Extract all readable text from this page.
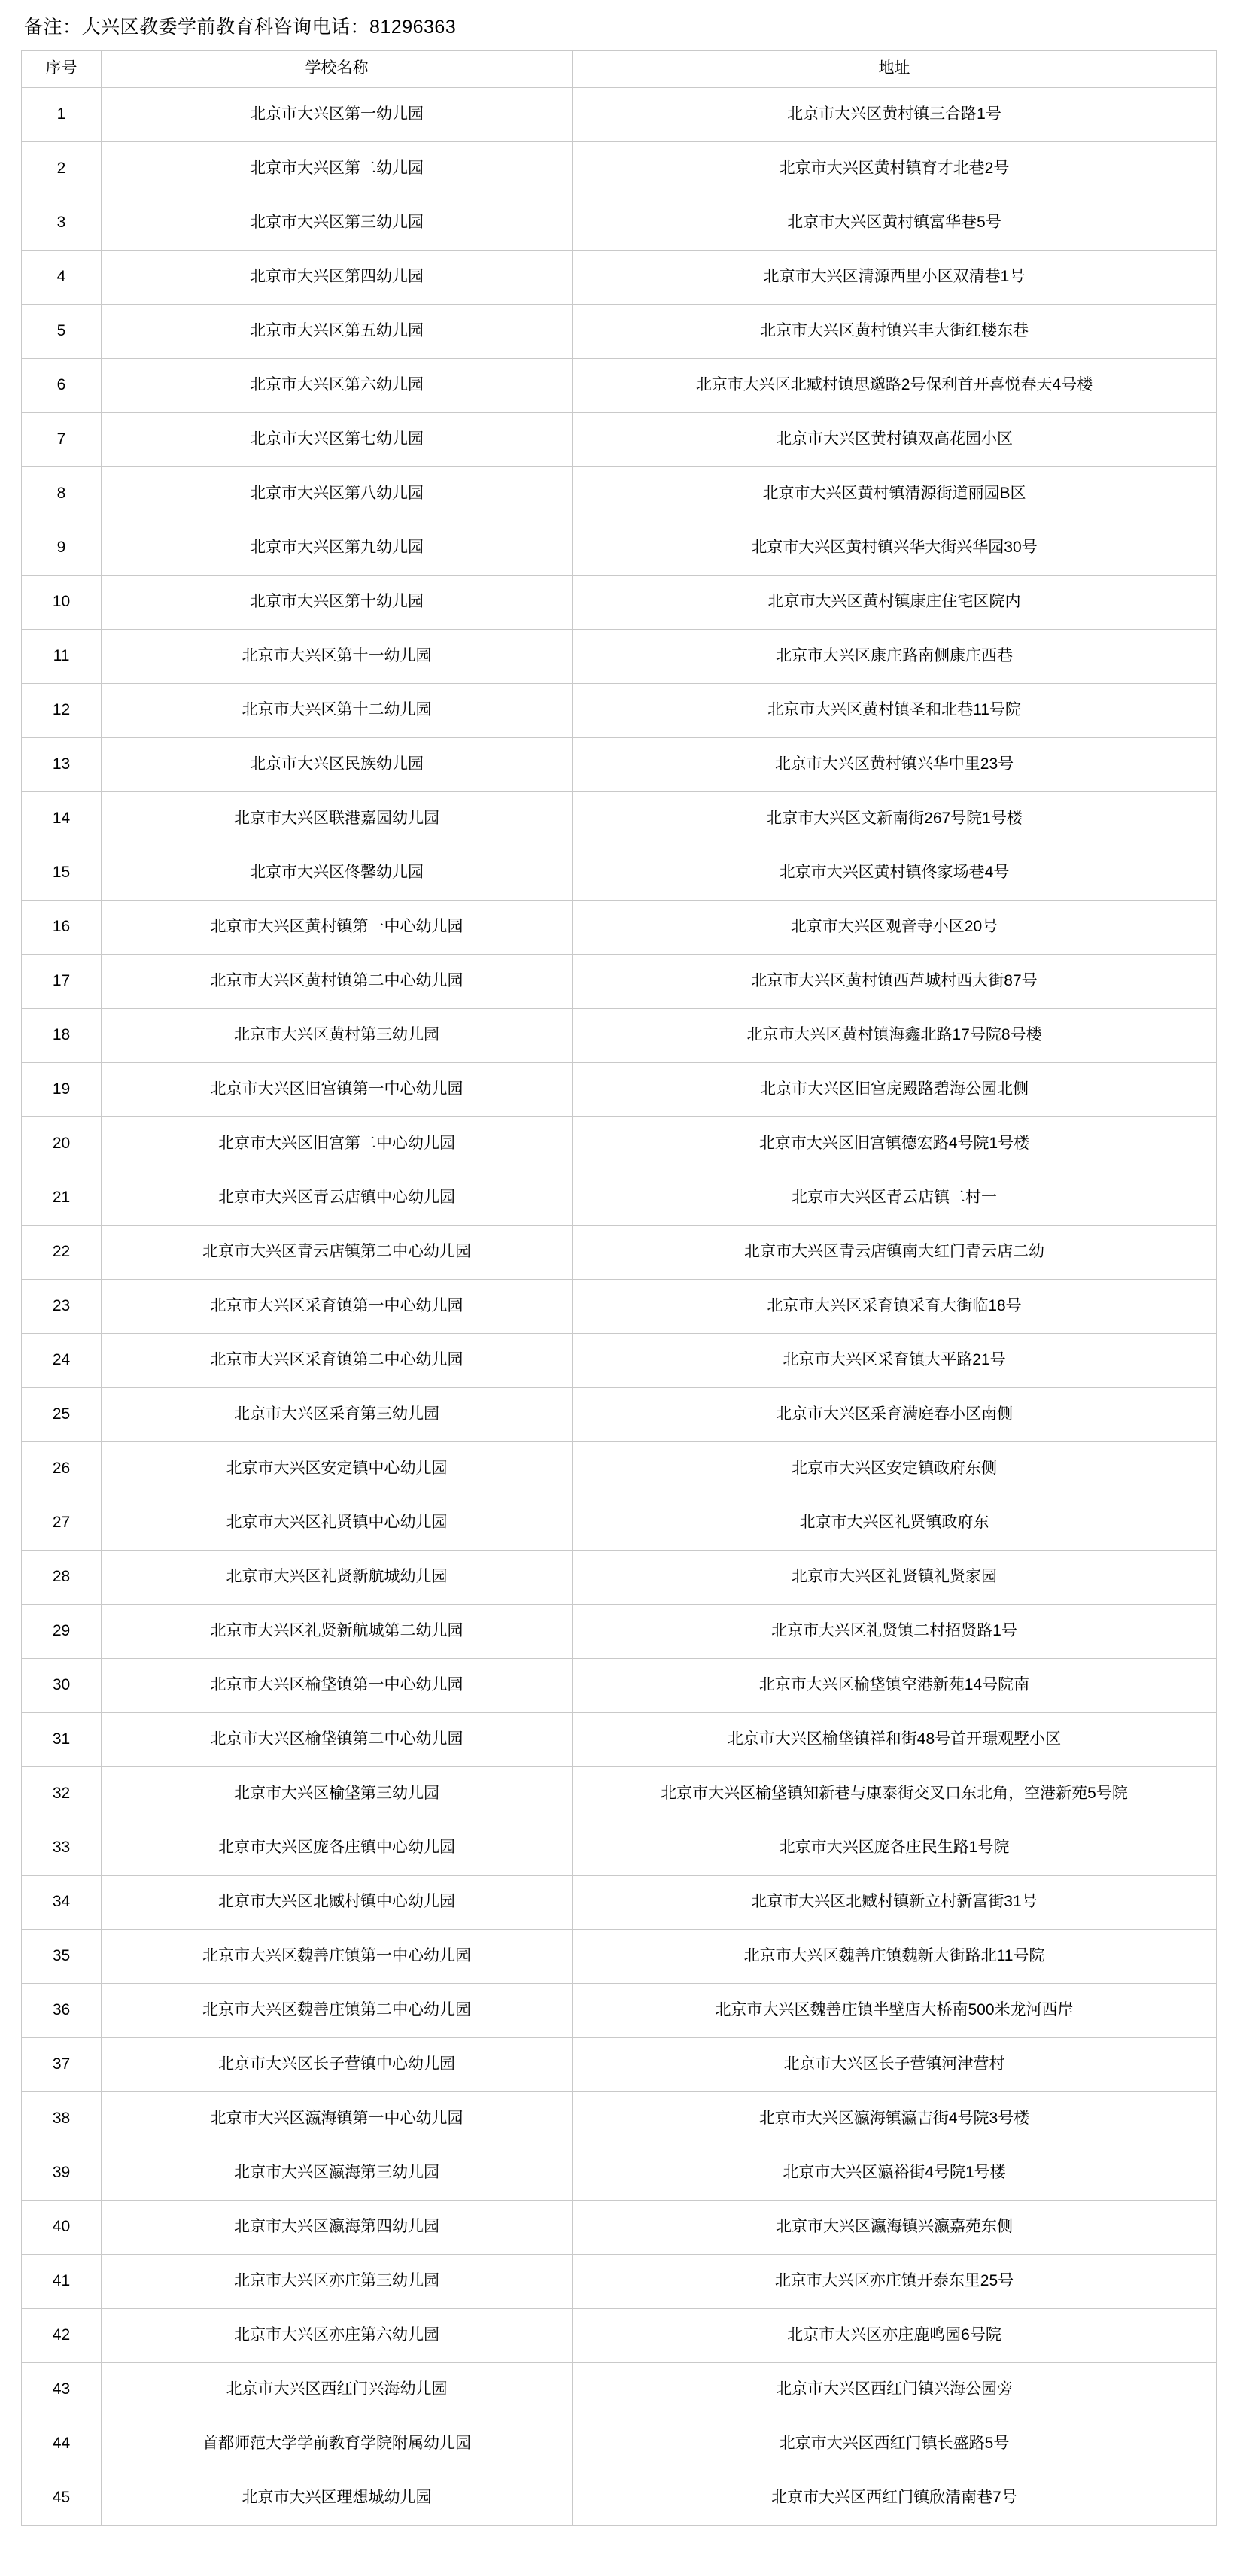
备注：大兴区教委学前教育科咨询电话：81296363
序号	学校名称	地址
1	北京市大兴区第一幼儿园	北京市大兴区黄村镇三合路1号
2	北京市大兴区第二幼儿园	北京市大兴区黄村镇育才北巷2号
3	北京市大兴区第三幼儿园	北京市大兴区黄村镇富华巷5号
4	北京市大兴区第四幼儿园	北京市大兴区清源西里小区双清巷1号
5	北京市大兴区第五幼儿园	北京市大兴区黄村镇兴丰大街红楼东巷
6	北京市大兴区第六幼儿园	北京市大兴区北臧村镇思邈路2号保利首开喜悦春天4号楼
7	北京市大兴区第七幼儿园	北京市大兴区黄村镇双高花园小区
8	北京市大兴区第八幼儿园	北京市大兴区黄村镇清源街道丽园B区
9	北京市大兴区第九幼儿园	北京市大兴区黄村镇兴华大街兴华园30号
10	北京市大兴区第十幼儿园	北京市大兴区黄村镇康庄住宅区院内
11	北京市大兴区第十一幼儿园	北京市大兴区康庄路南侧康庄西巷
12	北京市大兴区第十二幼儿园	北京市大兴区黄村镇圣和北巷11号院
13	北京市大兴区民族幼儿园	北京市大兴区黄村镇兴华中里23号
14	北京市大兴区联港嘉园幼儿园	北京市大兴区文新南街267号院1号楼
15	北京市大兴区佟馨幼儿园	北京市大兴区黄村镇佟家场巷4号
16	北京市大兴区黄村镇第一中心幼儿园	北京市大兴区观音寺小区20号
17	北京市大兴区黄村镇第二中心幼儿园	北京市大兴区黄村镇西芦城村西大街87号
18	北京市大兴区黄村第三幼儿园	北京市大兴区黄村镇海鑫北路17号院8号楼
19	北京市大兴区旧宫镇第一中心幼儿园	北京市大兴区旧宫庑殿路碧海公园北侧
20	北京市大兴区旧宫第二中心幼儿园	北京市大兴区旧宫镇德宏路4号院1号楼
21	北京市大兴区青云店镇中心幼儿园	北京市大兴区青云店镇二村一
22	北京市大兴区青云店镇第二中心幼儿园	北京市大兴区青云店镇南大红门青云店二幼
23	北京市大兴区采育镇第一中心幼儿园	北京市大兴区采育镇采育大街临18号
24	北京市大兴区采育镇第二中心幼儿园	北京市大兴区采育镇大平路21号
25	北京市大兴区采育第三幼儿园	北京市大兴区采育满庭春小区南侧
26	北京市大兴区安定镇中心幼儿园	北京市大兴区安定镇政府东侧
27	北京市大兴区礼贤镇中心幼儿园	北京市大兴区礼贤镇政府东
28	北京市大兴区礼贤新航城幼儿园	北京市大兴区礼贤镇礼贤家园
29	北京市大兴区礼贤新航城第二幼儿园	北京市大兴区礼贤镇二村招贤路1号
30	北京市大兴区榆垡镇第一中心幼儿园	北京市大兴区榆垡镇空港新苑14号院南
31	北京市大兴区榆垡镇第二中心幼儿园	北京市大兴区榆垡镇祥和街48号首开璟观墅小区
32	北京市大兴区榆垡第三幼儿园	北京市大兴区榆垡镇知新巷与康泰街交叉口东北角，空港新苑5号院
33	北京市大兴区庞各庄镇中心幼儿园	北京市大兴区庞各庄民生路1号院
34	北京市大兴区北臧村镇中心幼儿园	北京市大兴区北臧村镇新立村新富街31号
35	北京市大兴区魏善庄镇第一中心幼儿园	北京市大兴区魏善庄镇魏新大街路北11号院
36	北京市大兴区魏善庄镇第二中心幼儿园	北京市大兴区魏善庄镇半壁店大桥南500米龙河西岸
37	北京市大兴区长子营镇中心幼儿园	北京市大兴区长子营镇河津营村
38	北京市大兴区瀛海镇第一中心幼儿园	北京市大兴区瀛海镇瀛吉街4号院3号楼
39	北京市大兴区瀛海第三幼儿园	北京市大兴区瀛裕街4号院1号楼
40	北京市大兴区瀛海第四幼儿园	北京市大兴区瀛海镇兴瀛嘉苑东侧
41	北京市大兴区亦庄第三幼儿园	北京市大兴区亦庄镇开泰东里25号
42	北京市大兴区亦庄第六幼儿园	北京市大兴区亦庄鹿鸣园6号院
43	北京市大兴区西红门兴海幼儿园	北京市大兴区西红门镇兴海公园旁
44	首都师范大学学前教育学院附属幼儿园	北京市大兴区西红门镇长盛路5号
45	北京市大兴区理想城幼儿园	北京市大兴区西红门镇欣清南巷7号
